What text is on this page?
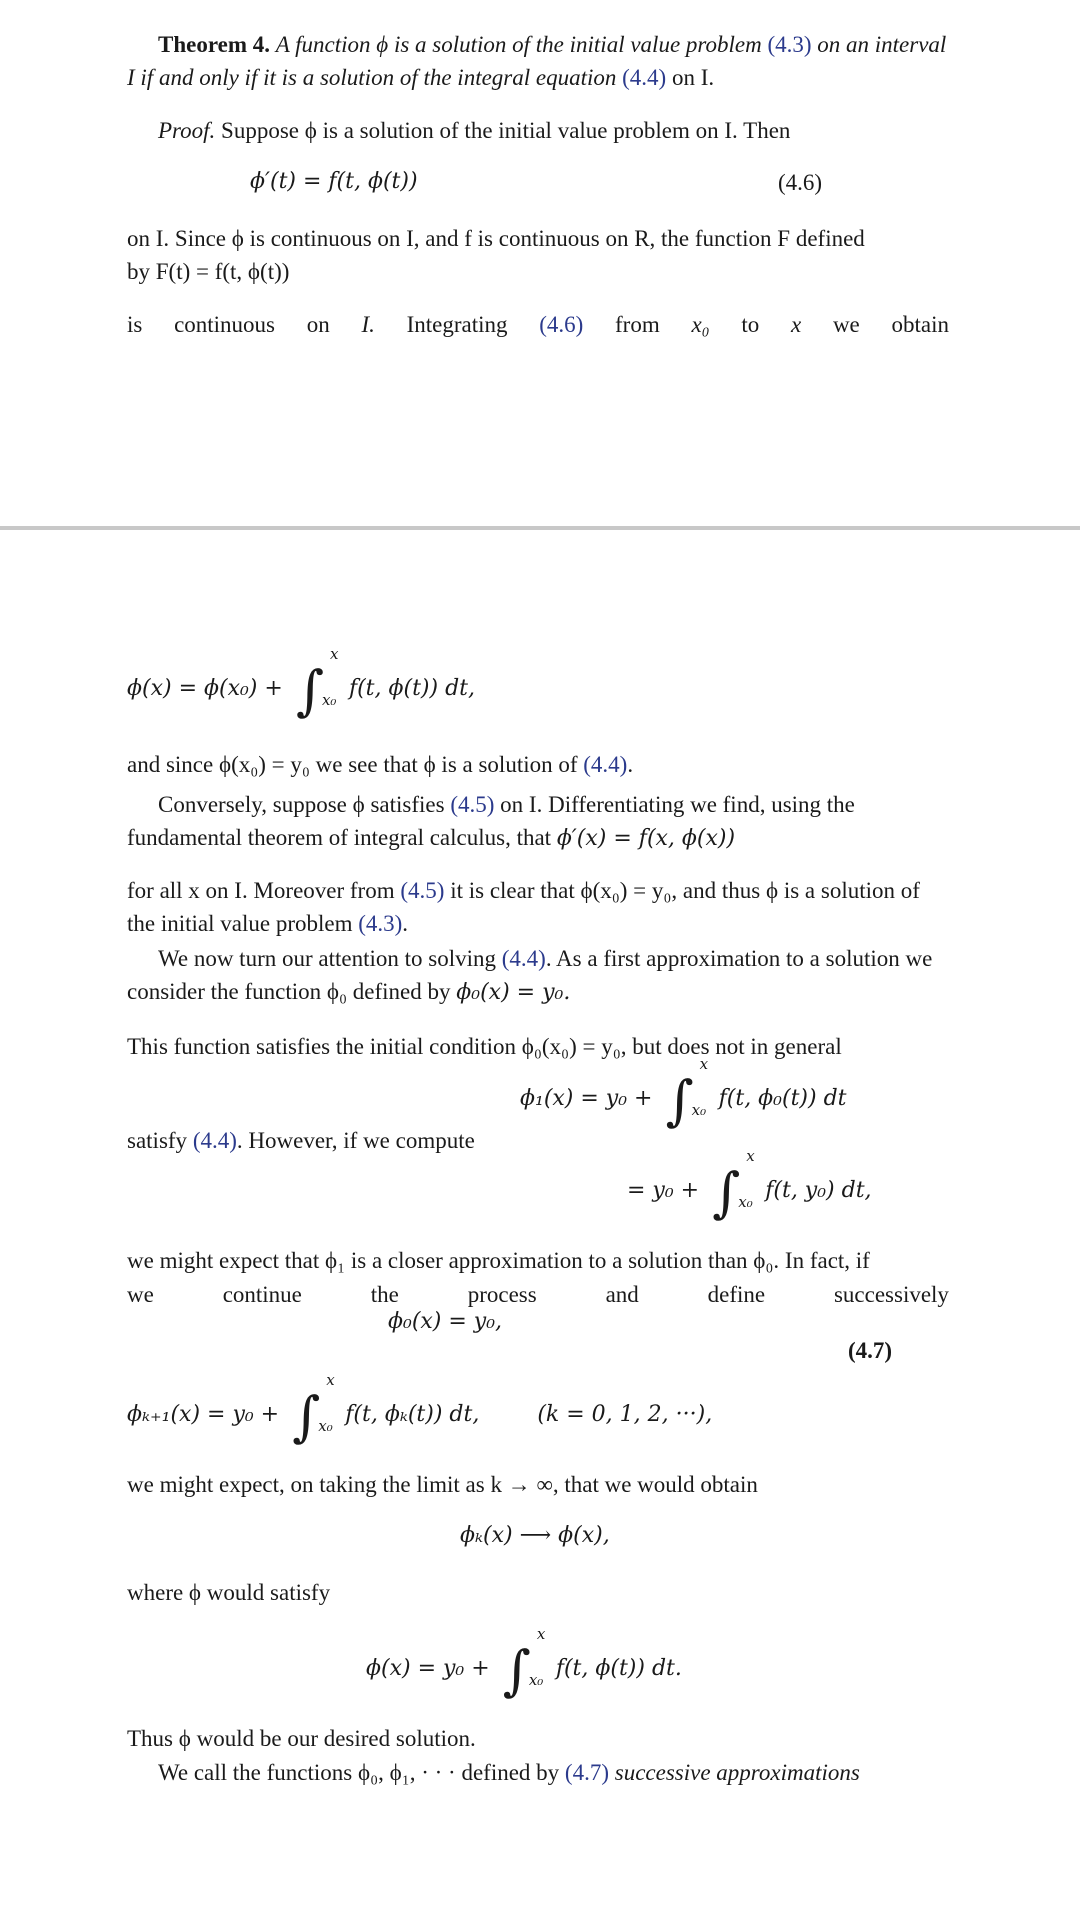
Theorem 4. A function ϕ is a solution of the initial value problem (4.3) on an interval I if and only if it is a solution of the integral equation (4.4) on I.
Proof. Suppose ϕ is a solution of the initial value problem on I. Then
ϕ′(t) = f(t, ϕ(t))	(4.6)
on I. Since ϕ is continuous on I, and f is continuous on R, the function F defined
by F(t) = f(t, ϕ(t))
is continuous on I. Integrating (4.6) from x₀ to x we obtain
ϕ(x) = ϕ(x₀) + ∫
x
x₀ f(t, ϕ(t)) dt,
and since ϕ(x₀) = y₀ we see that ϕ is a solution of (4.4).
Conversely, suppose ϕ satisfies (4.5) on I. Differentiating we find, using the fundamental theorem of integral calculus, that ϕ′(x) = f(x, ϕ(x))
for all x on I. Moreover from (4.5) it is clear that ϕ(x₀) = y₀, and thus ϕ is a solution of the initial value problem (4.3).
We now turn our attention to solving (4.4). As a first approximation to a solution we consider the function ϕ₀ defined by ϕ₀(x) = y₀.
This function satisfies the initial condition ϕ₀(x₀) = y₀, but does not in general
ϕ₁(x) = y₀ + ∫
x
x₀ f(t, ϕ₀(t)) dt
satisfy (4.4). However, if we compute
= y₀ + ∫
x
x₀ f(t, y₀) dt,
we might expect that ϕ₁ is a closer approximation to a solution than ϕ₀. In fact, if
we	continue	the	process	and	define	successively
ϕ₀(x) = y₀,
(4.7)
ϕₖ₊₁(x) = y₀ + ∫
x
x₀ f(t, ϕₖ(t)) dt,	(k = 0, 1, 2, ···),
we might expect, on taking the limit as k → ∞, that we would obtain
ϕₖ(x) ⟶ ϕ(x),
where ϕ would satisfy
ϕ(x) = y₀ + ∫
x
x₀ f(t, ϕ(t)) dt.
Thus ϕ would be our desired solution.
We call the functions ϕ₀, ϕ₁, · · · defined by (4.7) successive approximations
